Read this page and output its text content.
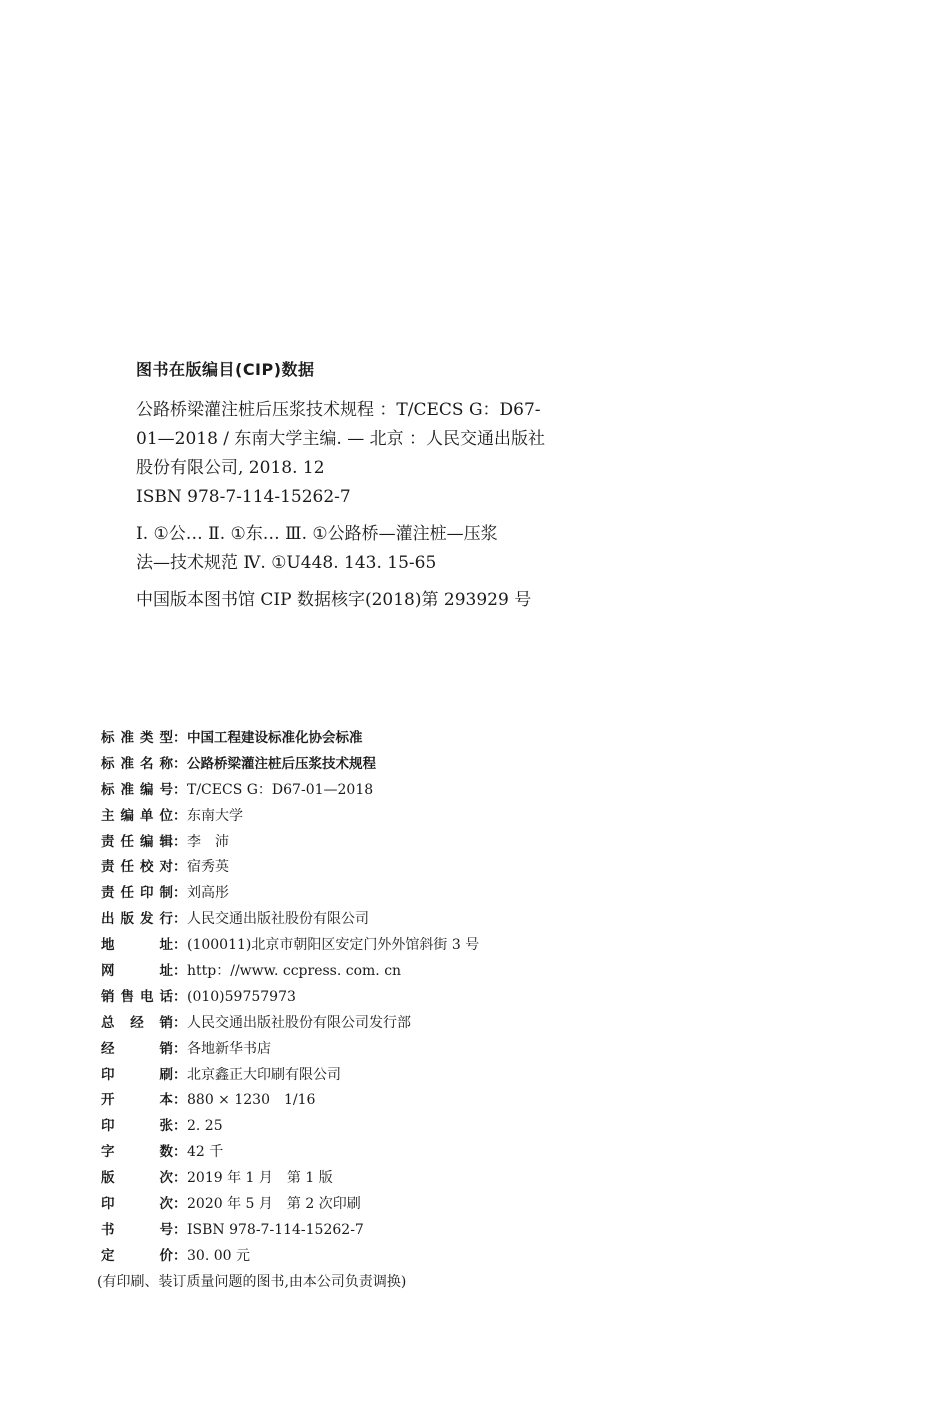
图书在版编目(CIP)数据
公路桥梁灌注桩后压浆技术规程 ：T/CECS G：D67-
01—2018 / 东南大学主编. — 北京 ：人民交通出版社
股份有限公司, 2018. 12
ISBN 978-7-114-15262-7
Ⅰ. ①公… Ⅱ. ①东… Ⅲ. ①公路桥—灌注桩—压浆
法—技术规范 Ⅳ. ①U448. 143. 15-65
中国版本图书馆 CIP 数据核字(2018)第 293929 号
标 准 类 型 ： 中国工程建设标准化协会标准
标 准 名 称 ： 公路桥梁灌注桩后压浆技术规程
标 准 编 号 ： T/CECS G：D67-01—2018
主 编 单 位 ： 东南大学
责 任 编 辑 ： 李　沛
责 任 校 对 ： 宿秀英
责 任 印 制 ： 刘高彤
出 版 发 行 ： 人民交通出版社股份有限公司
地	址 ： (100011)北京市朝阳区安定门外外馆斜街 3 号
网	址 ： http：//www. ccpress. com. cn
销 售 电 话 ： (010)59757973
总 经 销 ： 人民交通出版社股份有限公司发行部
经	销 ： 各地新华书店
印	刷 ： 北京鑫正大印刷有限公司
开	本 ： 880 × 1230　1/16
印	张 ： 2. 25
字	数 ： 42 千
版	次 ： 2019 年 1 月　第 1 版
印	次 ： 2020 年 5 月　第 2 次印刷
书	号 ： ISBN 978-7-114-15262-7
定	价 ： 30. 00 元
(有印刷、装订质量问题的图书,由本公司负责调换)
